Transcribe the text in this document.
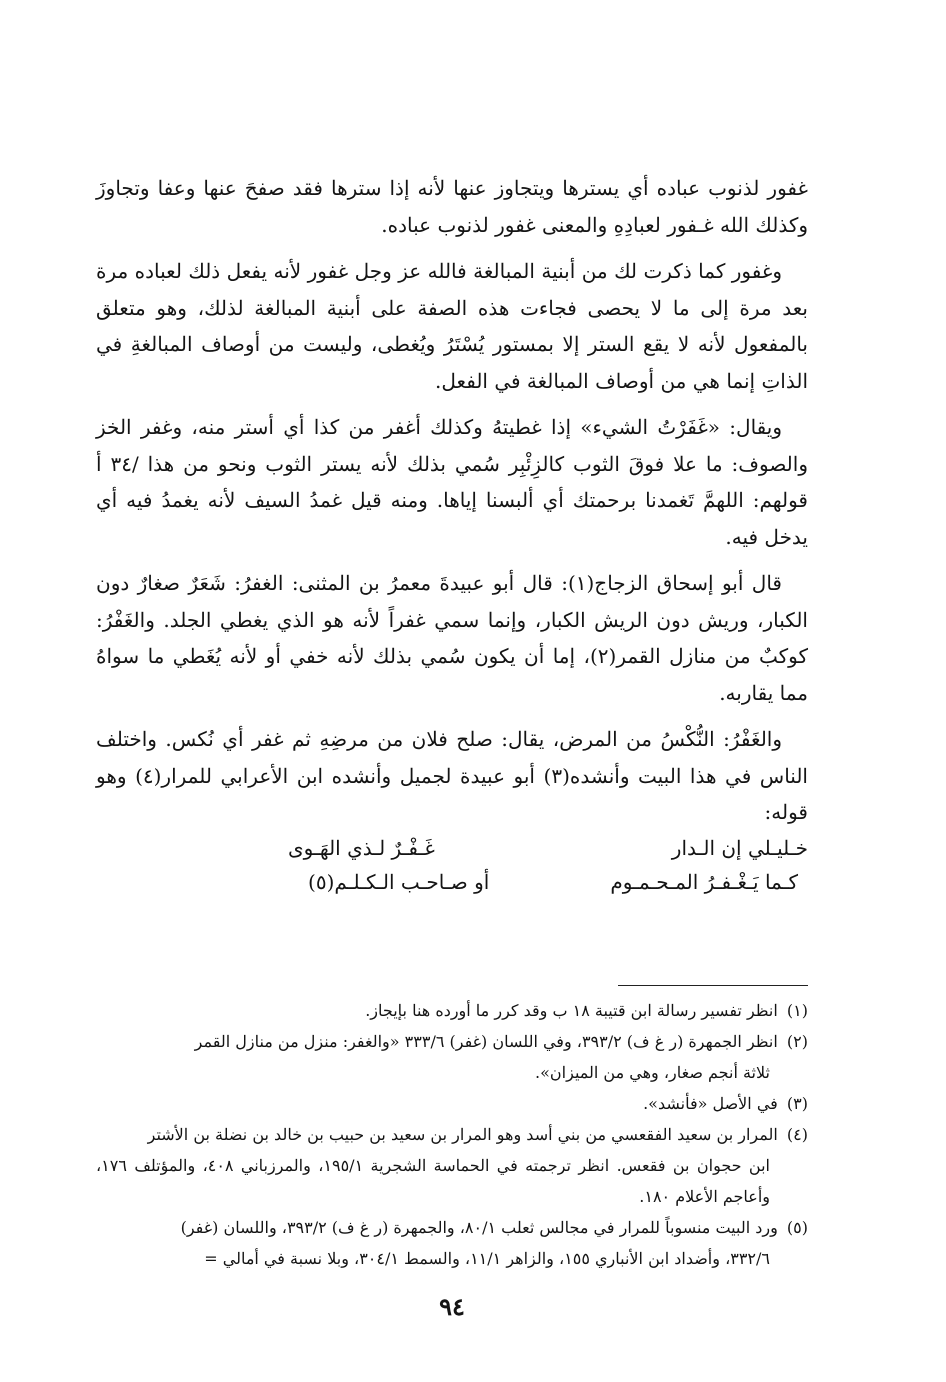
غفور لذنوب عباده أي يسترها ويتجاوز عنها لأنه إذا سترها فقد صفحَ عنها وعفا وتجاوزَ وكذلك الله غـفور لعبادِهِ والمعنى غفور لذنوب عباده.

وغفور كما ذكرت لك من أبنية المبالغة فالله عز وجل غفور لأنه يفعل ذلك لعباده مرة بعد مرة إلى ما لا يحصى فجاءت هذه الصفة على أبنية المبالغة لذلك، وهو متعلق بالمفعول لأنه لا يقع الستر إلا بمستور يُسْتَرُ ويُغطى، وليست من أوصاف المبالغةِ في الذاتِ إنما هي من أوصاف المبالغة في الفعل.

ويقال: «غَفَرْتُ الشيء» إذا غطيتهُ وكذلك أغفر من كذا أي أستر منه، وغفر الخز والصوف: ما علا فوقَ الثوب كالزِئْبِر سُمي بذلك لأنه يستر الثوب ونحو من هذا /٣٤ أ قولهم: اللهمَّ تَغمدنا برحمتك أي ألبسنا إياها. ومنه قيل غمدُ السيف لأنه يغمدُ فيه أي يدخل فيه.

قال أبو إسحاق الزجاج(١): قال أبو عبيدةَ معمرُ بن المثنى: الغفرُ: شَعَرٌ صغارٌ دون الكبار، وريش دون الريش الكبار، وإنما سمي غفراً لأنه هو الذي يغطي الجلد. والغَفْرُ: كوكبٌ من منازل القمر(٢)، إما أن يكون سُمي بذلك لأنه خفي أو لأنه يُغَطي ما سواهُ مما يقاربه.

والغَفْرُ: النُّكْسُ من المرض، يقال: صلح فلان من مرضِهِ ثم غفر أي نُكس. واختلف الناس في هذا البيت وأنشده(٣) أبو عبيدة لجميل وأنشده ابن الأعرابي للمرار(٤) وهو قوله:

خـليـلي إن الـدار
غَـفْـرٌ لـذي الهَـوى
كـما يَـغْـفـرُ المـحـمـوم
أو صـاحـب الـكـلـم(٥)

(١) انظر تفسير رسالة ابن قتيبة ١٨ ب وقد كرر ما أورده هنا بإيجاز.

(٢) انظر الجمهرة (ر غ ف) ٣٩٣/٢، وفي اللسان (غفر) ٣٣٣/٦ «والغفر: منزل من منازل القمر
ثلاثة أنجم صغار، وهي من الميزان».

(٣) في الأصل «فأنشد».

(٤) المرار بن سعيد الفقعسي من بني أسد وهو المرار بن سعيد بن حبيب بن خالد بن نضلة بن الأشتر
ابن حجوان بن فقعس. انظر ترجمته في الحماسة الشجرية ١٩٥/١، والمرزباني ٤٠٨، والمؤتلف ١٧٦، وأعاجم الأعلام ١٨٠.

(٥) ورد البيت منسوباً للمرار في مجالس ثعلب ٨٠/١، والجمهرة (ر غ ف) ٣٩٣/٢، واللسان (غفر)
٣٣٢/٦، وأضداد ابن الأنباري ١٥٥، والزاهر ١١/١، والسمط ٣٠٤/١، وبلا نسبة في أمالي =

٩٤
